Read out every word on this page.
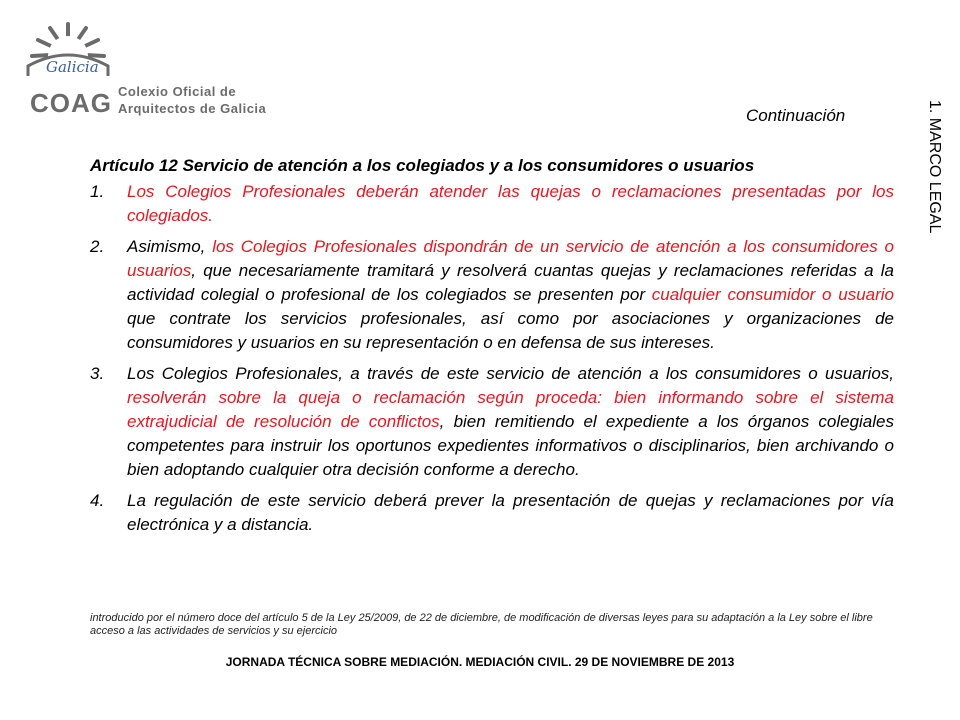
Galicia
COAG Colexio Oficial de
Arquitectos de Galicia	Continuación	1. MARCO LEGAL
Artículo 12 Servicio de atención a los colegiados y a los consumidores o usuarios
1. Los Colegios Profesionales deberán atender las quejas o reclamaciones presentadas por los colegiados.
2. Asimismo, los Colegios Profesionales dispondrán de un servicio de atención a los consumidores o usuarios, que necesariamente tramitará y resolverá cuantas quejas y reclamaciones referidas a la actividad colegial o profesional de los colegiados se presenten por cualquier consumidor o usuario que contrate los servicios profesionales, así como por asociaciones y organizaciones de consumidores y usuarios en su representación o en defensa de sus intereses.
3. Los Colegios Profesionales, a través de este servicio de atención a los consumidores o usuarios, resolverán sobre la queja o reclamación según proceda: bien informando sobre el sistema extrajudicial de resolución de conflictos, bien remitiendo el expediente a los órganos colegiales competentes para instruir los oportunos expedientes informativos o disciplinarios, bien archivando o bien adoptando cualquier otra decisión conforme a derecho.
4. La regulación de este servicio deberá prever la presentación de quejas y reclamaciones por vía electrónica y a distancia.
introducido por el número doce del artículo 5 de la Ley 25/2009, de 22 de diciembre, de modificación de diversas leyes para su adaptación a la Ley sobre el libre acceso a las actividades de servicios y su ejercicio
JORNADA TÉCNICA SOBRE MEDIACIÓN. MEDIACIÓN CIVIL. 29 DE NOVIEMBRE DE 2013
